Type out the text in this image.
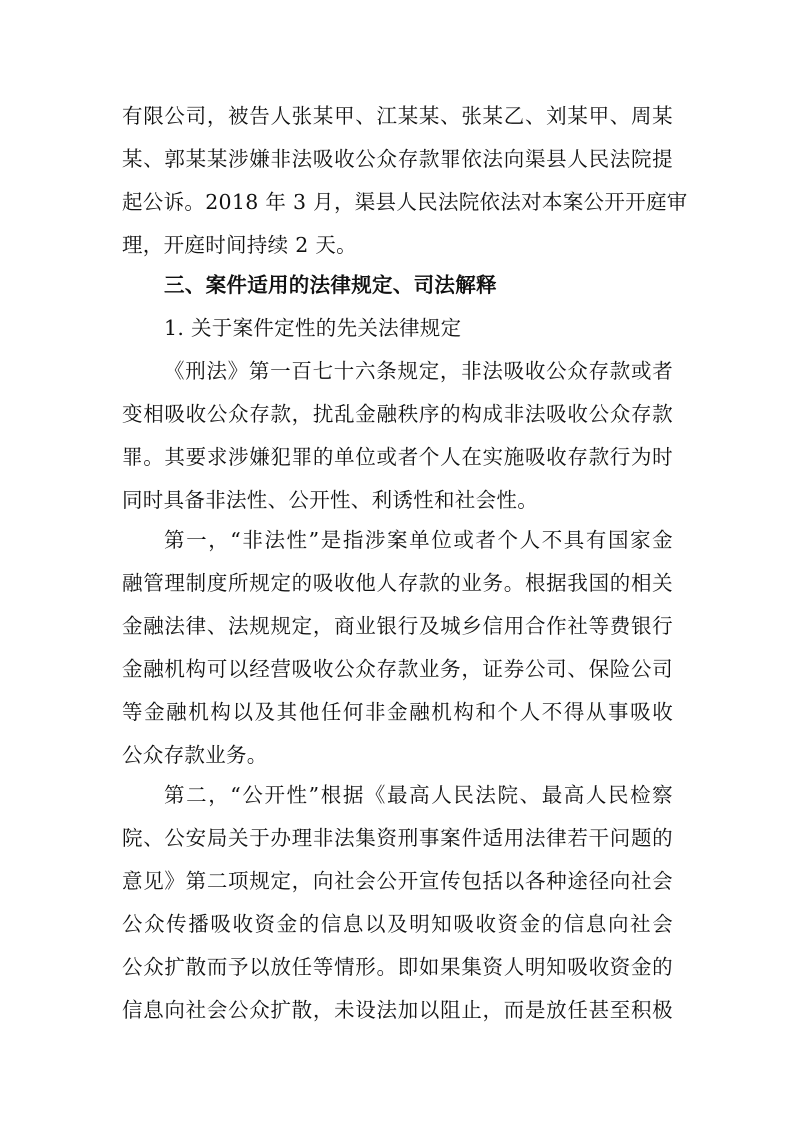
有限公司，被告人张某甲、江某某、张某乙、刘某甲、周某
某、郭某某涉嫌非法吸收公众存款罪依法向渠县人民法院提
起公诉。2018 年 3 月，渠县人民法院依法对本案公开开庭审
理，开庭时间持续 2 天。
三、案件适用的法律规定、司法解释
1. 关于案件定性的先关法律规定
《刑法》第一百七十六条规定，非法吸收公众存款或者
变相吸收公众存款，扰乱金融秩序的构成非法吸收公众存款
罪。其要求涉嫌犯罪的单位或者个人在实施吸收存款行为时
同时具备非法性、公开性、利诱性和社会性。
第一，“非法性”是指涉案单位或者个人不具有国家金
融管理制度所规定的吸收他人存款的业务。根据我国的相关
金融法律、法规规定，商业银行及城乡信用合作社等费银行
金融机构可以经营吸收公众存款业务，证券公司、保险公司
等金融机构以及其他任何非金融机构和个人不得从事吸收
公众存款业务。
第二，“公开性”根据《最高人民法院、最高人民检察
院、公安局关于办理非法集资刑事案件适用法律若干问题的
意见》第二项规定，向社会公开宣传包括以各种途径向社会
公众传播吸收资金的信息以及明知吸收资金的信息向社会
公众扩散而予以放任等情形。即如果集资人明知吸收资金的
信息向社会公众扩散，未设法加以阻止，而是放任甚至积极
